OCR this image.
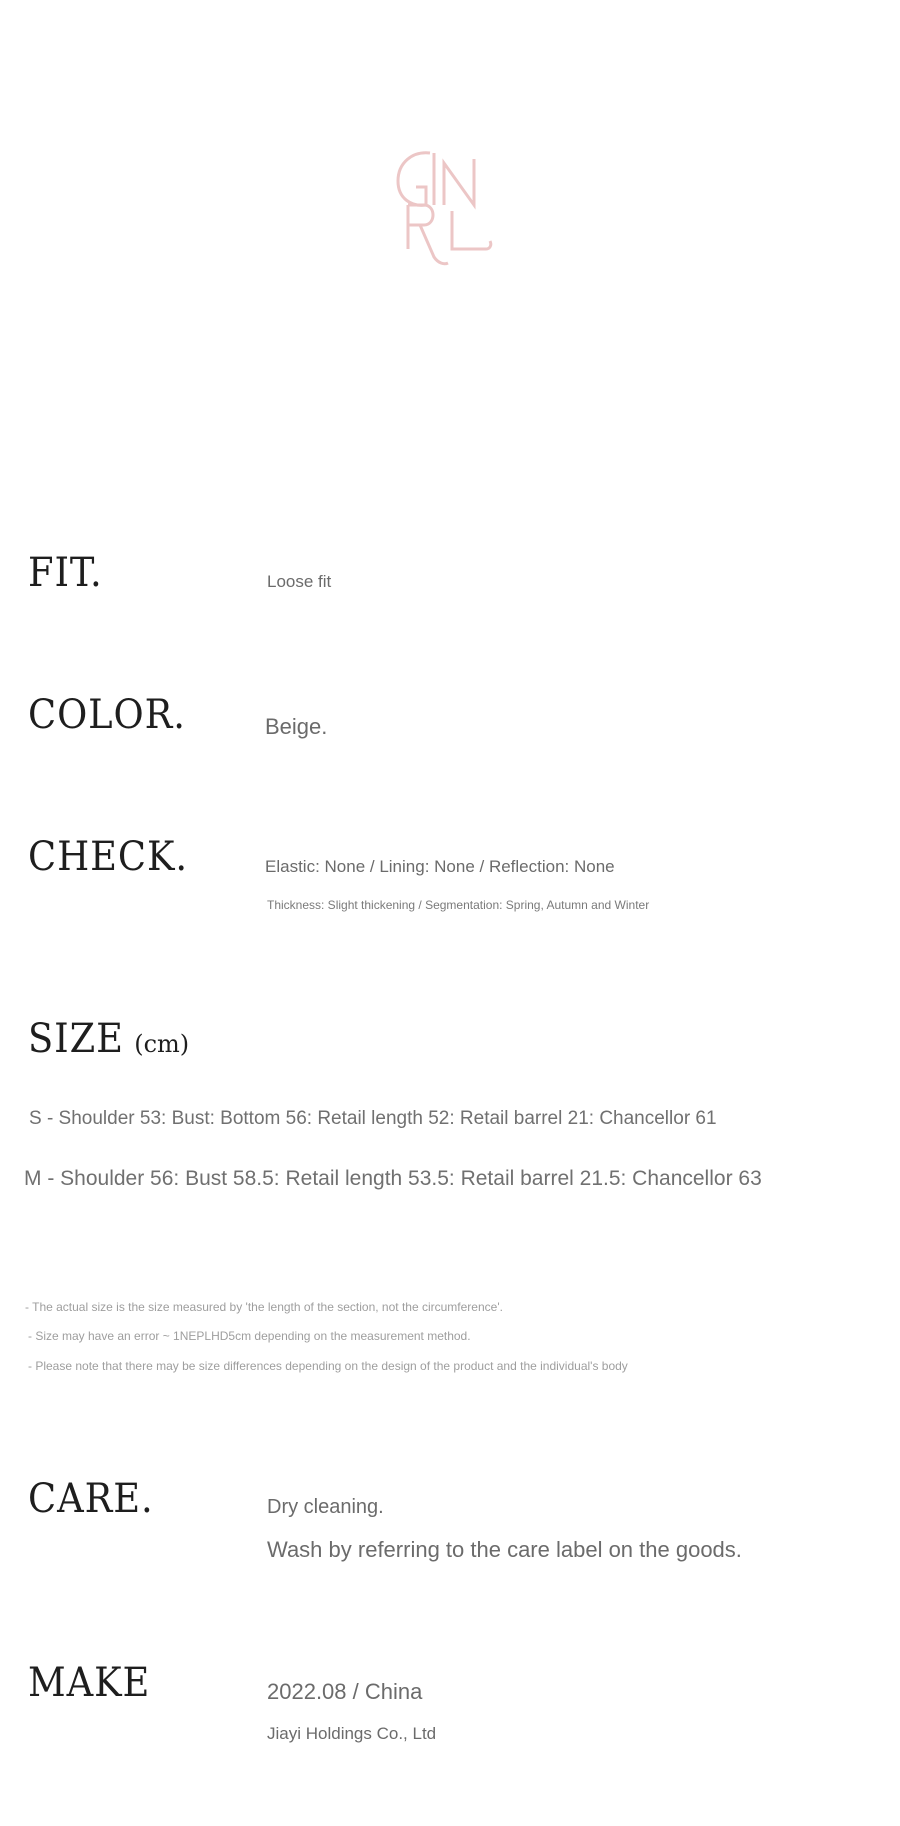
FIT.	Loose fit
COLOR.	Beige.
CHECK.	Elastic: None / Lining: None / Reflection: None
Thickness: Slight thickening / Segmentation: Spring, Autumn and Winter
SIZE (cm)
S - Shoulder 53: Bust: Bottom 56: Retail length 52: Retail barrel 21: Chancellor 61
M - Shoulder 56: Bust 58.5: Retail length 53.5: Retail barrel 21.5: Chancellor 63
- The actual size is the size measured by 'the length of the section, not the circumference'.
- Size may have an error ~ 1NEPLHD5cm depending on the measurement method.
- Please note that there may be size differences depending on the design of the product and the individual's body
CARE.	Dry cleaning.
Wash by referring to the care label on the goods.
MAKE	2022.08 / China
Jiayi Holdings Co., Ltd
